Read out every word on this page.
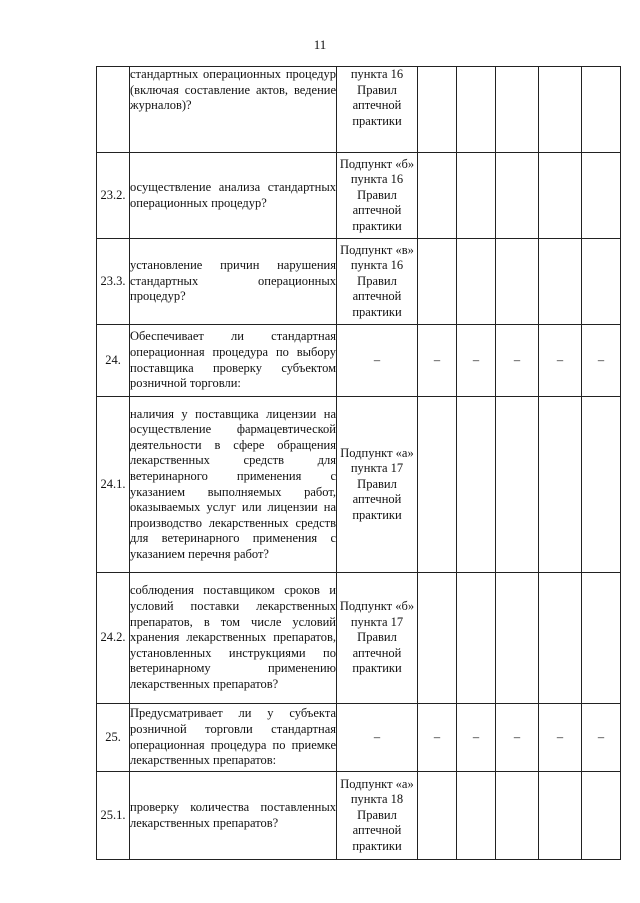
11
	стандартных операционных процедур (включая составление актов, ведение журналов)?	пункта 16 Правил аптечной практики					
23.2.	осуществление анализа стандартных операционных процедур?	Подпункт «б» пункта 16 Правил аптечной практики					
23.3.	установление причин нарушения стандартных операционных процедур?	Подпункт «в» пункта 16 Правил аптечной практики					
24.	Обеспечивает ли стандартная операционная процедура по выбору поставщика проверку субъектом розничной торговли:	–	–	–	–	–	–
24.1.	наличия у поставщика лицензии на осуществление фармацевтической деятельности в сфере обращения лекарственных средств для ветеринарного применения с указанием выполняемых работ, оказываемых услуг или лицензии на производство лекарственных средств для ветеринарного применения с указанием перечня работ?	Подпункт «а» пункта 17 Правил аптечной практики					
24.2.	соблюдения поставщиком сроков и условий поставки лекарственных препаратов, в том числе условий хранения лекарственных препаратов, установленных инструкциями по ветеринарному применению лекарственных препаратов?	Подпункт «б» пункта 17 Правил аптечной практики					
25.	Предусматривает ли у субъекта розничной торговли стандартная операционная процедура по приемке лекарственных препаратов:	–	–	–	–	–	–
25.1.	проверку количества поставленных лекарственных препаратов?	Подпункт «а» пункта 18 Правил аптечной практики					
